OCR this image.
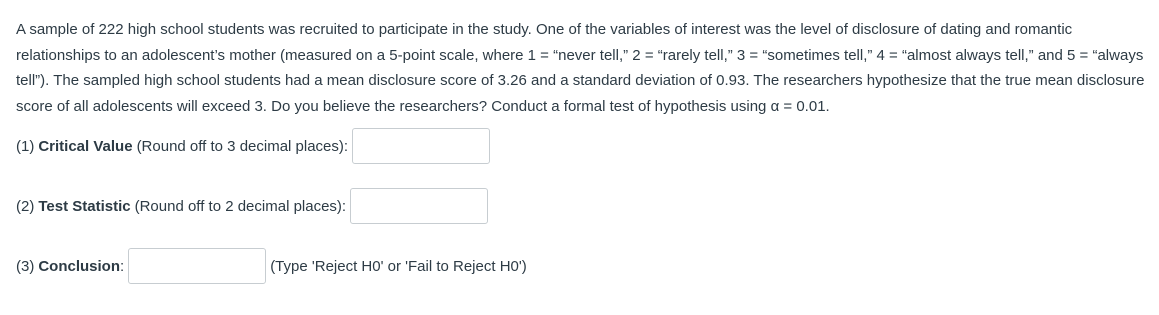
A sample of 222 high school students was recruited to participate in the study. One of the variables of interest was the level of disclosure of dating and romantic relationships to an adolescent’s mother (measured on a 5-point scale, where 1 = “never tell,” 2 = “rarely tell,” 3 = “sometimes tell,” 4 = “almost always tell,” and 5 = “always tell”). The sampled high school students had a mean disclosure score of 3.26 and a standard deviation of 0.93. The researchers hypothesize that the true mean disclosure score of all adolescents will exceed 3. Do you believe the researchers? Conduct a formal test of hypothesis using α = 0.01.

(1) Critical Value (Round off to 3 decimal places):
(2) Test Statistic (Round off to 2 decimal places):
(3) Conclusion :	(Type 'Reject H0' or 'Fail to Reject H0')
